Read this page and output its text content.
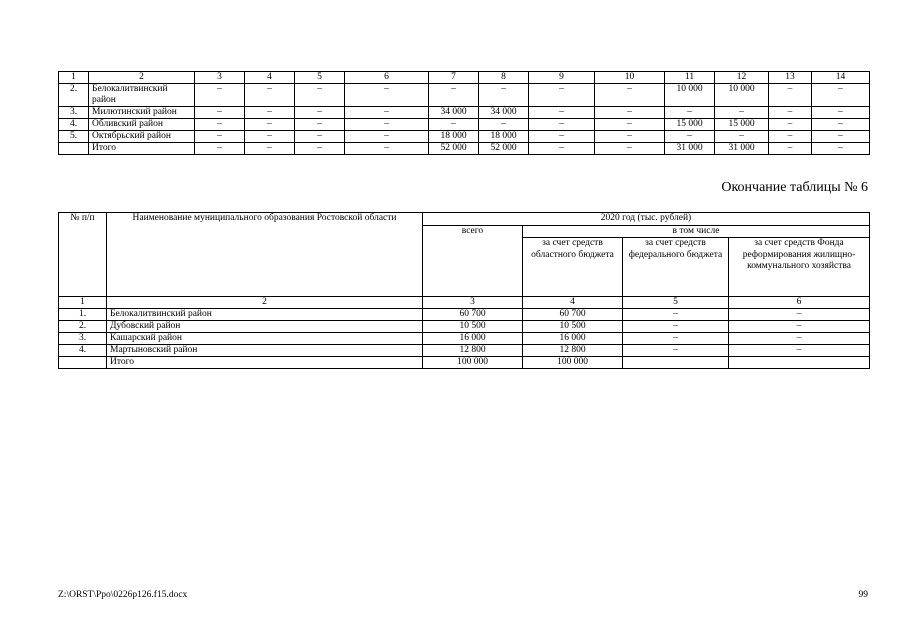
1	2	3	4	5	6	7	8	9	10	11	12	13	14
2.	Белокалитвинский район	–	–	–	–	–	–	–	–	10 000	10 000	–	–
3.	Милютинский район	–	–	–	–	34 000	34 000	–	–	–	–	–	–
4.	Обливский район	–	–	–	–	–	–	–	–	15 000	15 000	–	–
5.	Октябрьский район	–	–	–	–	18 000	18 000	–	–	–	–	–	–
	Итого	–	–	–	–	52 000	52 000	–	–	31 000	31 000	–	–
Окончание таблицы № 6
№ п/п	Наименование муниципального образования Ростовской области	2020 год (тыс. рублей)			
		всего	в том числе		
			за счет средств областного бюджета	за счет средств федерального бюджета	за счет средств Фонда реформирования жилищно-коммунального хозяйства
1	2	3	4	5	6
1.	Белокалитвинский район	60 700	60 700	–	–
2.	Дубовский район	10 500	10 500	–	–
3.	Кашарский район	16 000	16 000	–	–
4.	Мартыновский район	12 800	12 800	–	–
	Итого	100 000	100 000		
Z:\ORST\Ppo\0226p126.f15.docx	99
